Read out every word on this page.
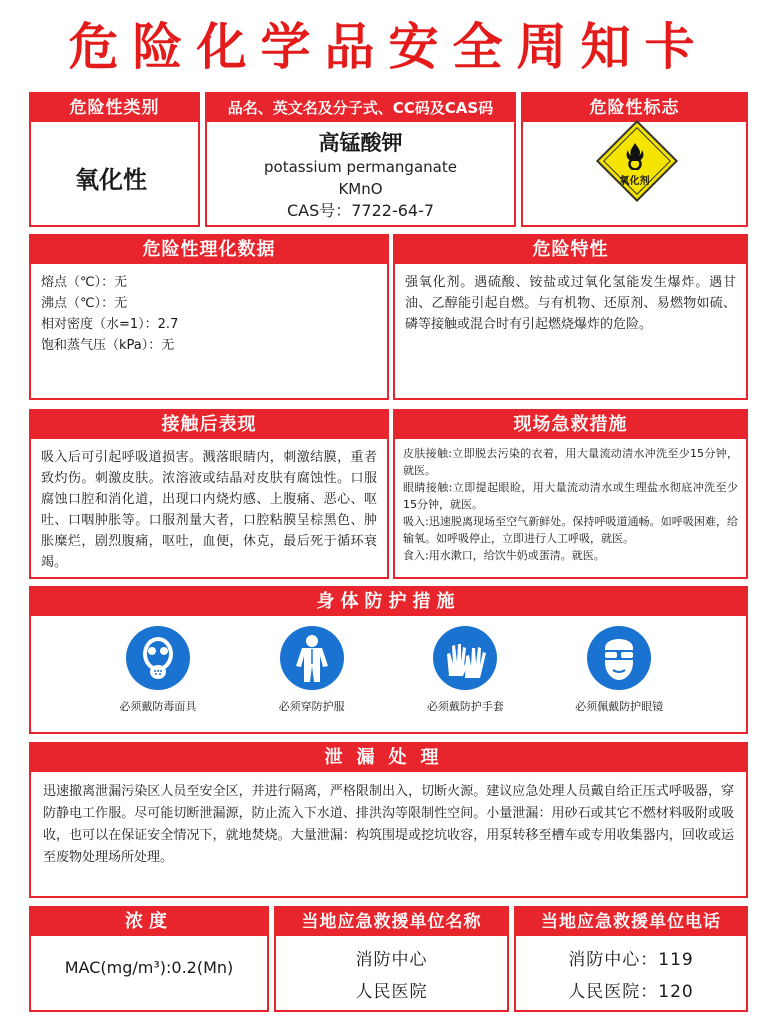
危险化学品安全周知卡
危险性类别
氧化性
品名、英文名及分子式、CC码及CAS码
高锰酸钾
potassium permanganate
KMnO
CAS号：7722-64-7
危险性标志
氧化剂
危险性理化数据
熔点（℃）：无
沸点（℃）：无
相对密度（水=1）：2.7
饱和蒸气压（kPa）：无
危险特性
强氧化剂。遇硫酸、铵盐或过氧化氢能发生爆炸。遇甘油、乙醇能引起自燃。与有机物、还原剂、易燃物如硫、磷等接触或混合时有引起燃烧爆炸的危险。
接触后表现
吸入后可引起呼吸道损害。溅落眼睛内，刺激结膜，重者致灼伤。刺激皮肤。浓溶液或结晶对皮肤有腐蚀性。口服腐蚀口腔和消化道，出现口内烧灼感、上腹痛、恶心、呕吐、口咽肿胀等。口服剂量大者，口腔粘膜呈棕黑色、肿胀糜烂，剧烈腹痛，呕吐，血便，休克，最后死于循环衰竭。
现场急救措施
皮肤接触:立即脱去污染的衣着，用大量流动清水冲洗至少15分钟，就医。
眼睛接触:立即提起眼睑，用大量流动清水或生理盐水彻底冲洗至少15分钟，就医。
吸入:迅速脱离现场至空气新鲜处。保持呼吸道通畅。如呼吸困难，给输氧。如呼吸停止，立即进行人工呼吸，就医。
食入:用水漱口，给饮牛奶或蛋清。就医。
身体防护措施
必须戴防毒面具	必须穿防护服	必须戴防护手套	必须佩戴防护眼镜
泄漏处理
迅速撤离泄漏污染区人员至安全区，并进行隔离，严格限制出入，切断火源。建议应急处理人员戴自给正压式呼吸器，穿防静电工作服。尽可能切断泄漏源，防止流入下水道、排洪沟等限制性空间。小量泄漏：用砂石或其它不燃材料吸附或吸收，也可以在保证安全情况下，就地焚烧。大量泄漏：构筑围堤或挖坑收容，用泵转移至槽车或专用收集器内，回收或运至废物处理场所处理。
浓度
MAC(mg/m³):0.2(Mn)
当地应急救援单位名称
消防中心
人民医院
当地应急救援单位电话
消防中心：119
人民医院：120
